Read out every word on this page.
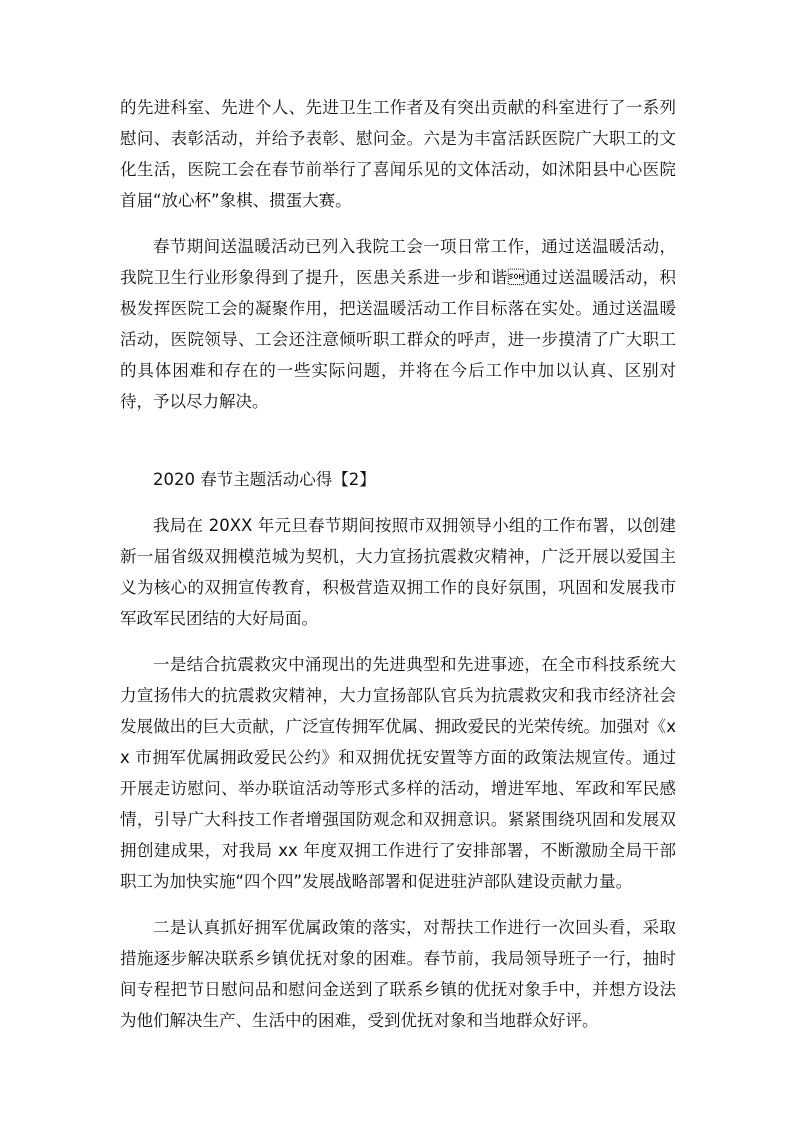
的先进科室、先进个人、先进卫生工作者及有突出贡献的科室进行了一系列慰问、表彰活动，并给予表彰、慰问金。六是为丰富活跃医院广大职工的文化生活，医院工会在春节前举行了喜闻乐见的文体活动，如沭阳县中心医院首届“放心杯”象棋、掼蛋大赛。

春节期间送温暖活动已列入我院工会一项日常工作，通过送温暖活动，我院卫生行业形象得到了提升，医患关系进一步和谐通过送温暖活动，积极发挥医院工会的凝聚作用，把送温暖活动工作目标落在实处。通过送温暖活动，医院领导、工会还注意倾听职工群众的呼声，进一步摸清了广大职工的具体困难和存在的一些实际问题，并将在今后工作中加以认真、区别对待，予以尽力解决。

2020 春节主题活动心得【2】

我局在 20XX 年元旦春节期间按照市双拥领导小组的工作布署，以创建新一届省级双拥模范城为契机，大力宣扬抗震救灾精神，广泛开展以爱国主义为核心的双拥宣传教育，积极营造双拥工作的良好氛围，巩固和发展我市军政军民团结的大好局面。

一是结合抗震救灾中涌现出的先进典型和先进事迹，在全市科技系统大力宣扬伟大的抗震救灾精神，大力宣扬部队官兵为抗震救灾和我市经济社会发展做出的巨大贡献，广泛宣传拥军优属、拥政爱民的光荣传统。加强对《xx 市拥军优属拥政爱民公约》和双拥优抚安置等方面的政策法规宣传。通过开展走访慰问、举办联谊活动等形式多样的活动，增进军地、军政和军民感情，引导广大科技工作者增强国防观念和双拥意识。紧紧围绕巩固和发展双拥创建成果，对我局 xx 年度双拥工作进行了安排部署，不断激励全局干部职工为加快实施“四个四”发展战略部署和促进驻泸部队建设贡献力量。

二是认真抓好拥军优属政策的落实，对帮扶工作进行一次回头看，采取措施逐步解决联系乡镇优抚对象的困难。春节前，我局领导班子一行，抽时间专程把节日慰问品和慰问金送到了联系乡镇的优抚对象手中，并想方设法为他们解决生产、生活中的困难，受到优抚对象和当地群众好评。
